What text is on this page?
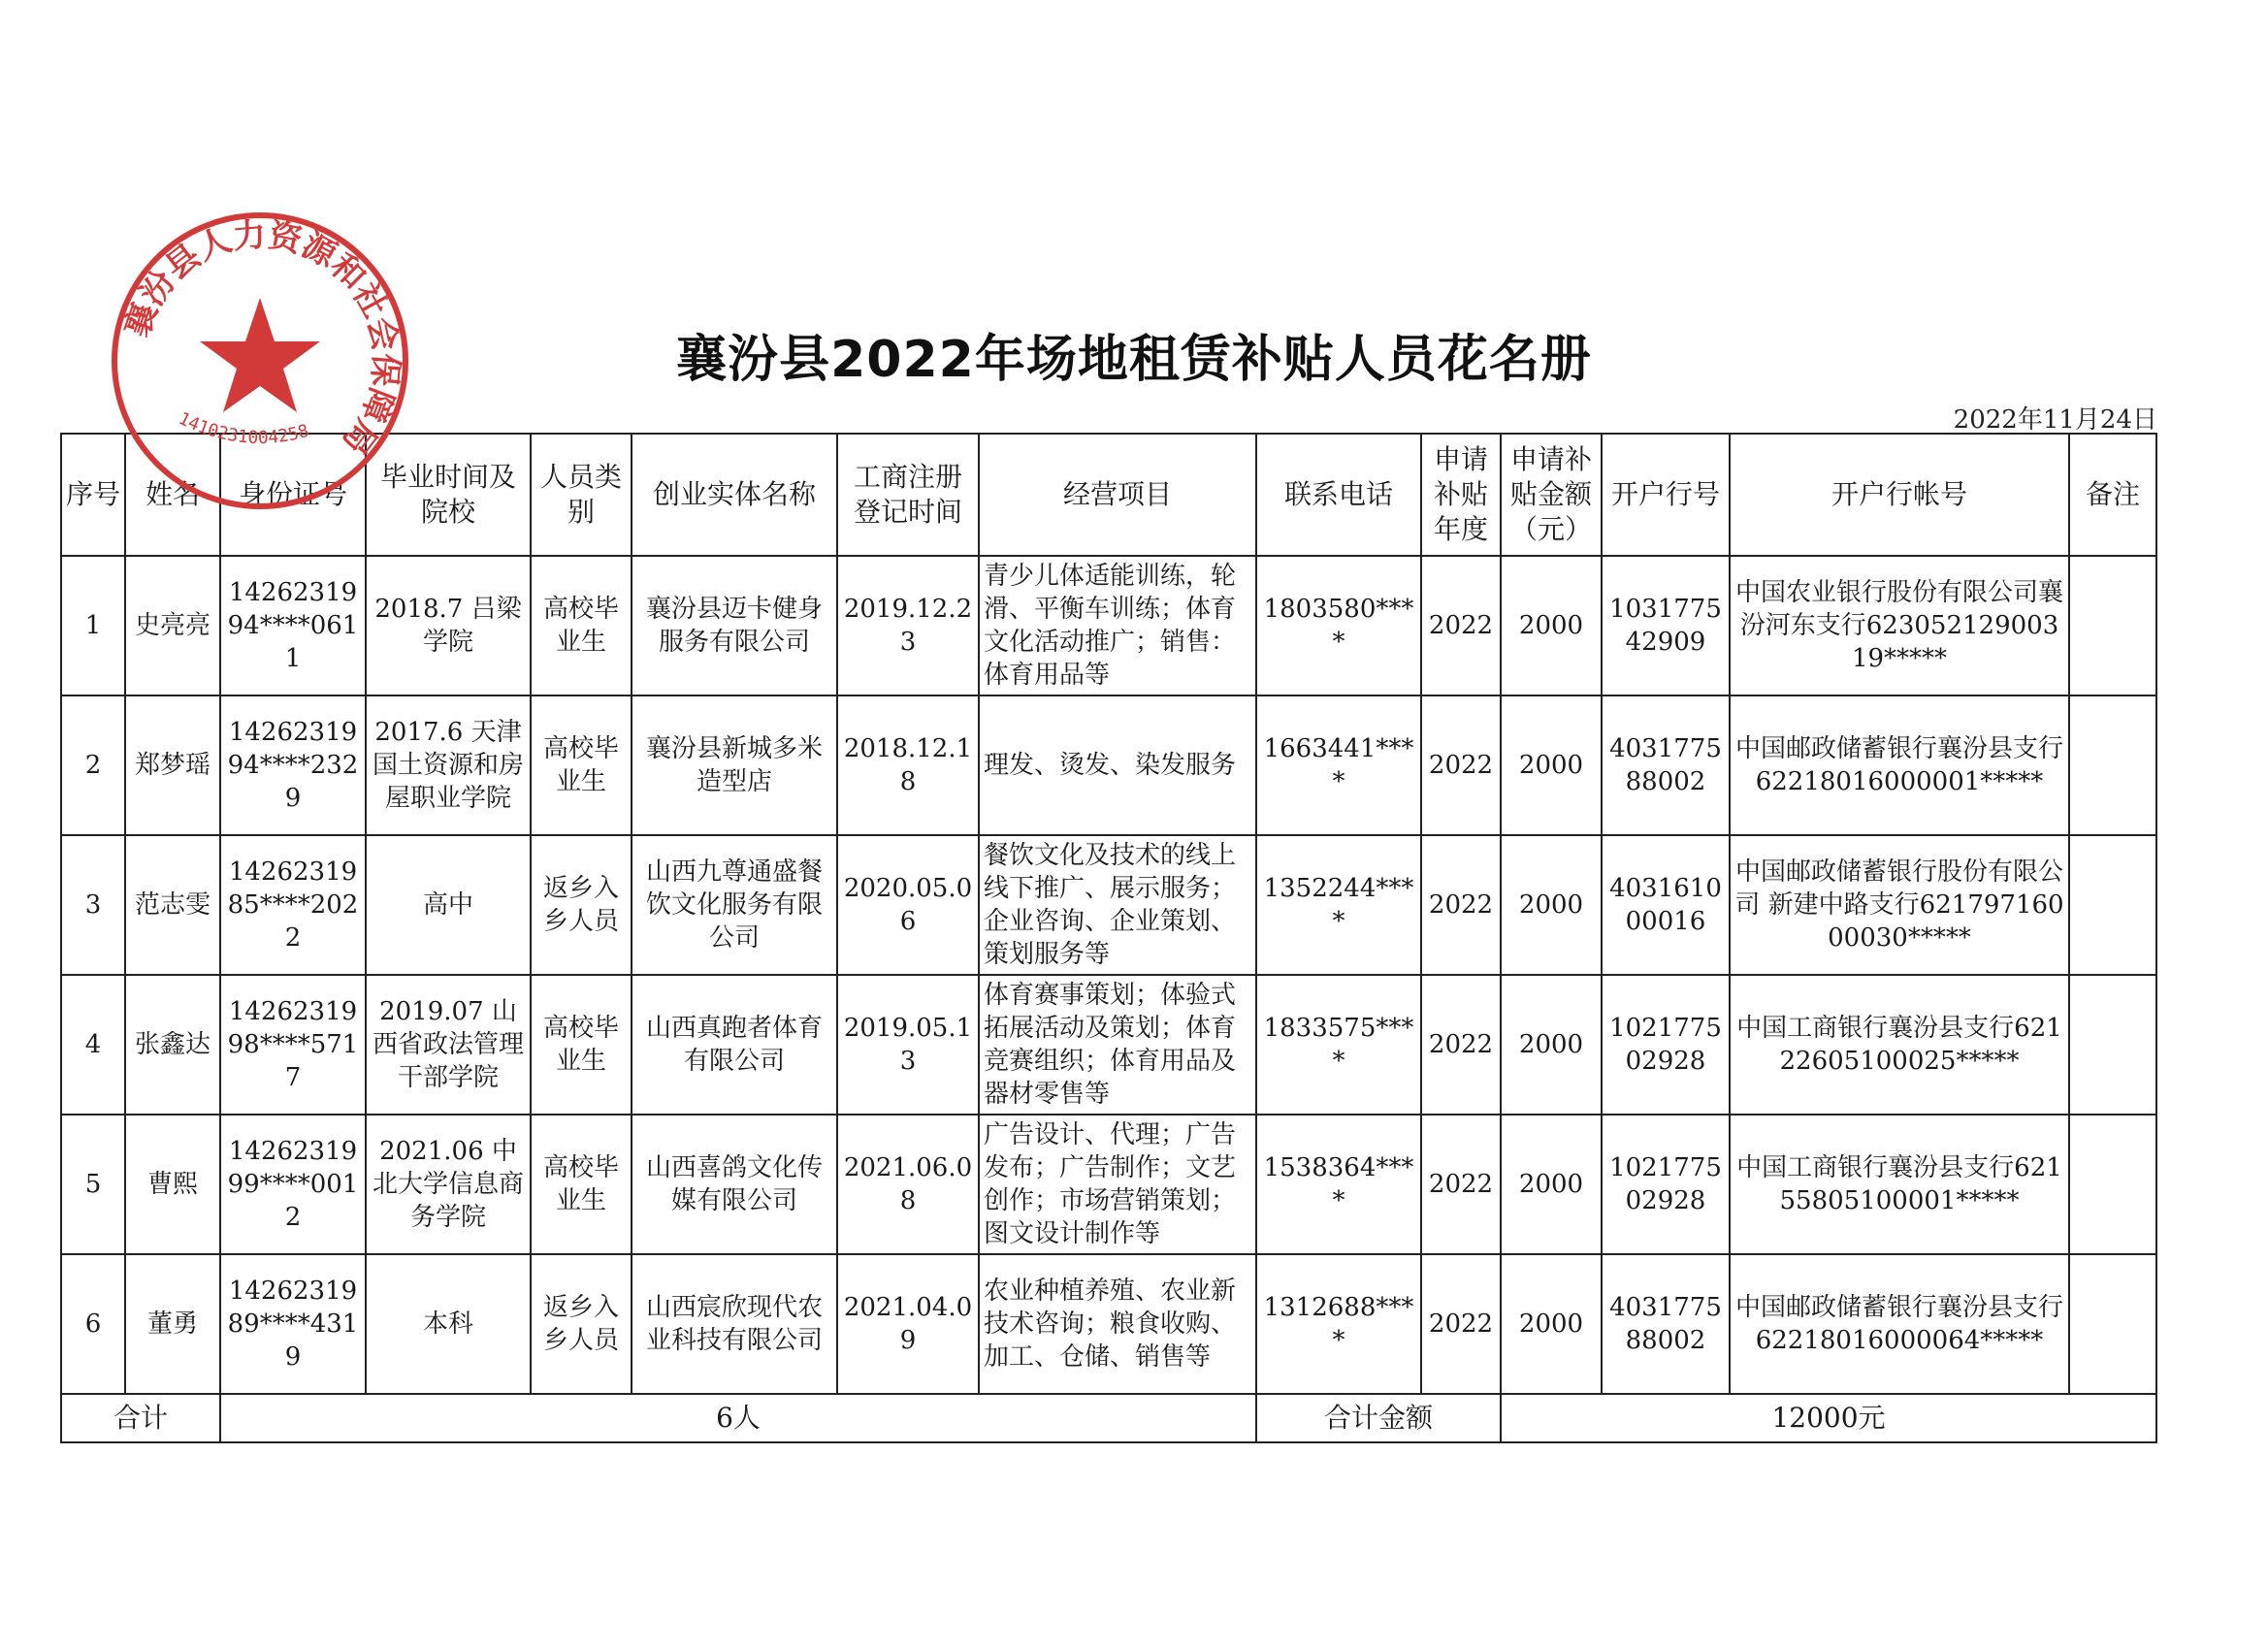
襄汾县2022年场地租赁补贴人员花名册
2022年11月24日
序号	姓名	身份证号	毕业时间及院校	人员类别	创业实体名称	工商注册登记时间	经营项目	联系电话	申请补贴年度	申请补贴金额（元）	开户行号	开户行帐号	备注
1	史亮亮	1426231994****0611	2018.7 吕梁学院	高校毕业生	襄汾县迈卡健身服务有限公司	2019.12.23	青少儿体适能训练，轮滑、平衡车训练；体育文化活动推广；销售：体育用品等	1803580****	2022	2000	103177542909	中国农业银行股份有限公司襄汾河东支行62305212900319*****	
2	郑梦瑶	1426231994****2329	2017.6 天津国土资源和房屋职业学院	高校毕业生	襄汾县新城多米造型店	2018.12.18	理发、烫发、染发服务	1663441****	2022	2000	403177588002	中国邮政储蓄银行襄汾县支行62218016000001*****	
3	范志雯	1426231985****2022	高中	返乡入乡人员	山西九尊通盛餐饮文化服务有限公司	2020.05.06	餐饮文化及技术的线上线下推广、展示服务；企业咨询、企业策划、策划服务等	1352244****	2022	2000	403161000016	中国邮政储蓄银行股份有限公司 新建中路支行62179716000030*****	
4	张鑫达	1426231998****5717	2019.07 山西省政法管理干部学院	高校毕业生	山西真跑者体育有限公司	2019.05.13	体育赛事策划；体验式拓展活动及策划；体育竞赛组织；体育用品及器材零售等	1833575****	2022	2000	102177502928	中国工商银行襄汾县支行62122605100025*****	
5	曹熙	1426231999****0012	2021.06 中北大学信息商务学院	高校毕业生	山西喜鸽文化传媒有限公司	2021.06.08	广告设计、代理；广告发布；广告制作；文艺创作；市场营销策划；图文设计制作等	1538364****	2022	2000	102177502928	中国工商银行襄汾县支行62155805100001*****	
6	董勇	1426231989****4319	本科	返乡入乡人员	山西宸欣现代农业科技有限公司	2021.04.09	农业种植养殖、农业新技术咨询；粮食收购、加工、仓储、销售等	1312688****	2022	2000	403177588002	中国邮政储蓄银行襄汾县支行62218016000064*****	
合计		6人						合计金额		12000元			
襄汾县人力资源和社会保障局
1410231004258
